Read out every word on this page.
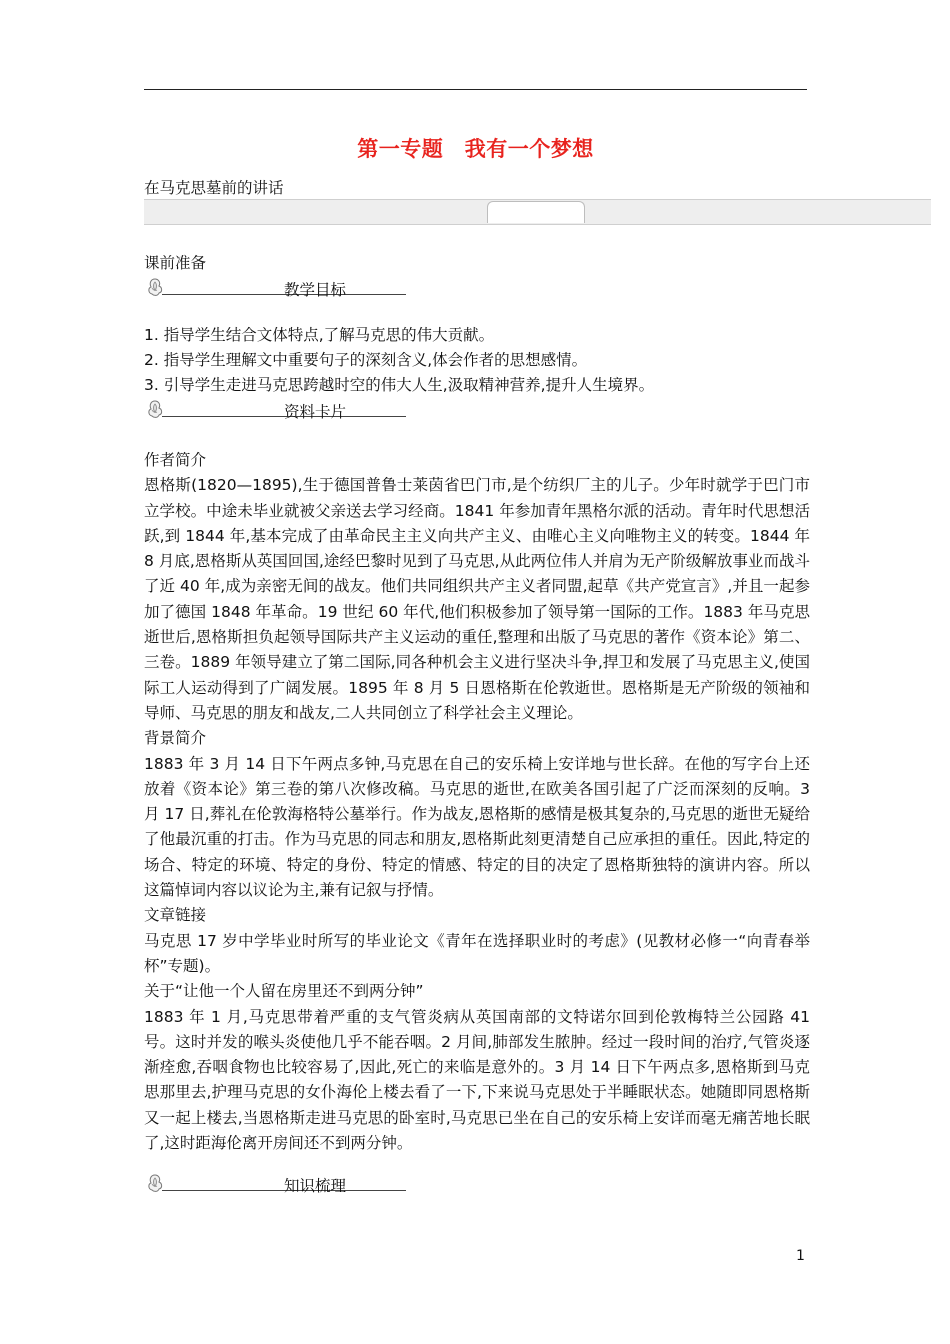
第一专题　我有一个梦想
在马克思墓前的讲话
课前准备
教学目标
1. 指导学生结合文体特点,了解马克思的伟大贡献。
2. 指导学生理解文中重要句子的深刻含义,体会作者的思想感情。
3. 引导学生走进马克思跨越时空的伟大人生,汲取精神营养,提升人生境界。
资料卡片

作者简介

恩格斯(1820—1895),生于德国普鲁士莱茵省巴门市,是个纺织厂主的儿子。少年时就学于巴门市立学校。中途未毕业就被父亲送去学习经商。1841 年参加青年黑格尔派的活动。青年时代思想活跃,到 1844 年,基本完成了由革命民主主义向共产主义、由唯心主义向唯物主义的转变。1844 年 8 月底,恩格斯从英国回国,途经巴黎时见到了马克思,从此两位伟人并肩为无产阶级解放事业而战斗了近 40 年,成为亲密无间的战友。他们共同组织共产主义者同盟,起草《共产党宣言》,并且一起参加了德国 1848 年革命。19 世纪 60 年代,他们积极参加了领导第一国际的工作。1883 年马克思逝世后,恩格斯担负起领导国际共产主义运动的重任,整理和出版了马克思的著作《资本论》第二、三卷。1889 年领导建立了第二国际,同各种机会主义进行坚决斗争,捍卫和发展了马克思主义,使国际工人运动得到了广阔发展。1895 年 8 月 5 日恩格斯在伦敦逝世。恩格斯是无产阶级的领袖和导师、马克思的朋友和战友,二人共同创立了科学社会主义理论。

背景简介

1883 年 3 月 14 日下午两点多钟,马克思在自己的安乐椅上安详地与世长辞。在他的写字台上还放着《资本论》第三卷的第八次修改稿。马克思的逝世,在欧美各国引起了广泛而深刻的反响。3 月 17 日,葬礼在伦敦海格特公墓举行。作为战友,恩格斯的感情是极其复杂的,马克思的逝世无疑给了他最沉重的打击。作为马克思的同志和朋友,恩格斯此刻更清楚自己应承担的重任。因此,特定的场合、特定的环境、特定的身份、特定的情感、特定的目的决定了恩格斯独特的演讲内容。所以这篇悼词内容以议论为主,兼有记叙与抒情。

文章链接

马克思 17 岁中学毕业时所写的毕业论文《青年在选择职业时的考虑》(见教材必修一“向青春举杯”专题)。

关于“让他一个人留在房里还不到两分钟”

1883 年 1 月,马克思带着严重的支气管炎病从英国南部的文特诺尔回到伦敦梅特兰公园路 41 号。这时并发的喉头炎使他几乎不能吞咽。2 月间,肺部发生脓肿。经过一段时间的治疗,气管炎逐渐痊愈,吞咽食物也比较容易了,因此,死亡的来临是意外的。3 月 14 日下午两点多,恩格斯到马克思那里去,护理马克思的女仆海伦上楼去看了一下,下来说马克思处于半睡眠状态。她随即同恩格斯又一起上楼去,当恩格斯走进马克思的卧室时,马克思已坐在自己的安乐椅上安详而毫无痛苦地长眠了,这时距海伦离开房间还不到两分钟。

知识梳理
1
